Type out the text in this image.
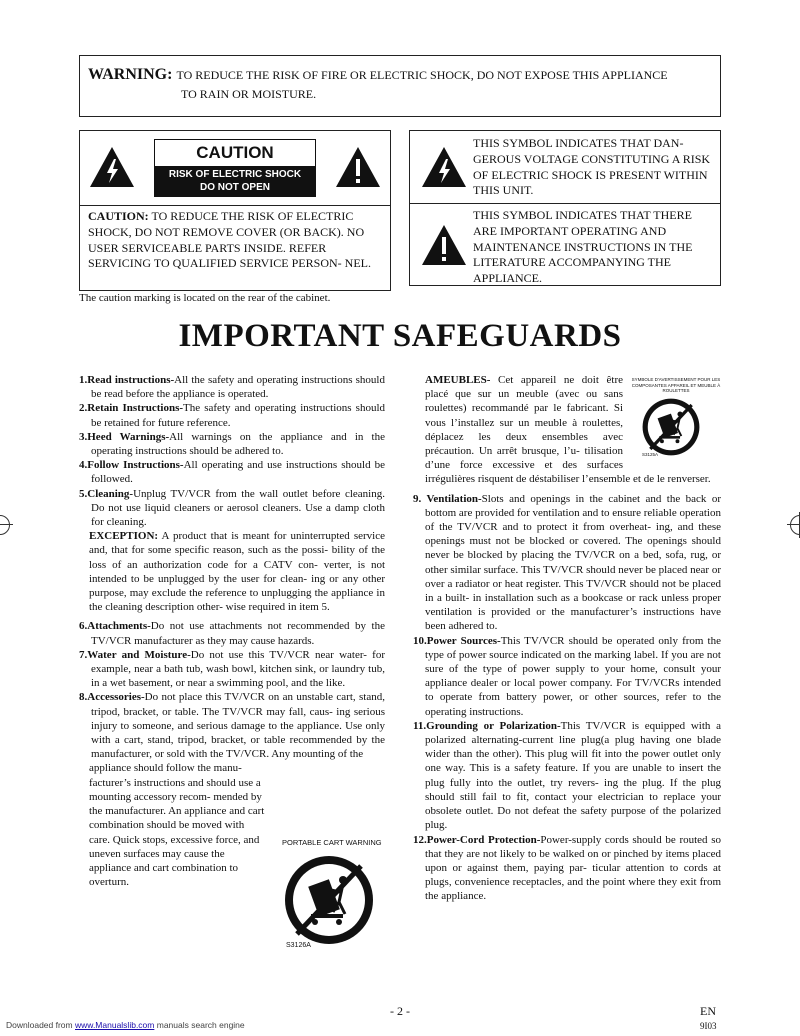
WARNING: TO REDUCE THE RISK OF FIRE OR ELECTRIC SHOCK, DO NOT EXPOSE THIS APPLIANCE
TO RAIN OR MOISTURE.
CAUTION
RISK OF ELECTRIC SHOCK
DO NOT OPEN
CAUTION: TO REDUCE THE RISK OF ELECTRIC SHOCK, DO NOT REMOVE COVER (OR BACK). NO USER SERVICEABLE PARTS INSIDE. REFER SERVICING TO QUALIFIED SERVICE PERSON- NEL.
THIS SYMBOL INDICATES THAT DAN- GEROUS VOLTAGE CONSTITUTING A RISK OF ELECTRIC SHOCK IS PRESENT WITHIN THIS UNIT.
THIS SYMBOL INDICATES THAT THERE ARE IMPORTANT OPERATING AND MAINTENANCE INSTRUCTIONS IN THE LITERATURE ACCOMPANYING THE APPLIANCE.
The caution marking is located on the rear of the cabinet.
IMPORTANT SAFEGUARDS

1.Read instructions-All the safety and operating instructions should be read before the appliance is operated.

2.Retain Instructions-The safety and operating instructions should be retained for future reference.

3.Heed Warnings-All warnings on the appliance and in the operating instructions should be adhered to.

4.Follow Instructions-All operating and use instructions should be followed.

5.Cleaning-Unplug TV/VCR from the wall outlet before cleaning. Do not use liquid cleaners or aerosol cleaners. Use a damp cloth for cleaning.

EXCEPTION: A product that is meant for uninterrupted service and, that for some specific reason, such as the possi- bility of the loss of an authorization code for a CATV con- verter, is not intended to be unplugged by the user for clean- ing or any other purpose, may exclude the reference to unplugging the appliance in the cleaning description other- wise required in item 5.

6.Attachments-Do not use attachments not recommended by the TV/VCR manufacturer as they may cause hazards.

7.Water and Moisture-Do not use this TV/VCR near water- for example, near a bath tub, wash bowl, kitchen sink, or laundry tub, in a wet basement, or near a swimming pool, and the like.

8.Accessories-Do not place this TV/VCR on an unstable cart, stand, tripod, bracket, or table. The TV/VCR may fall, caus- ing serious injury to someone, and serious damage to the appliance. Use only with a cart, stand, tripod, bracket, or table recommended by the manufacturer, or sold with the TV/VCR. Any mounting of the

appliance should follow the manu- facturer’s instructions and should use a mounting accessory recom- mended by the manufacturer. An appliance and cart combination should be moved with care. Quick stops, excessive force, and uneven surfaces may cause the appliance and cart combination to overturn.

PORTABLE CART WARNING
S3126A

AMEUBLES- Cet appareil ne doit être placé que sur un meuble (avec ou sans roulettes) recommandé par le fabricant. Si vous l’installez sur un meuble à roulettes, déplacez les deux ensembles avec précaution. Un arrêt brusque, l’u- tilisation d’une force excessive et des surfaces irrégulières risquent de déstabiliser l’ensemble et de le renverser.

9. Ventilation-Slots and openings in the cabinet and the back or bottom are provided for ventilation and to ensure reliable operation of the TV/VCR and to protect it from overheat- ing, and these openings must not be blocked or covered. The openings should never be blocked by placing the TV/VCR on a bed, sofa, rug, or other similar surface. This TV/VCR should never be placed near or over a radiator or heat register. This TV/VCR should not be placed in a built- in installation such as a bookcase or rack unless proper ventilation is provided or the manufacturer’s instructions have been adhered to.

10.Power Sources-This TV/VCR should be operated only from the type of power source indicated on the marking label. If you are not sure of the type of power supply to your home, consult your appliance dealer or local power company. For TV/VCRs intended to operate from battery power, or other sources, refer to the operating instructions.

11.Grounding or Polarization-This TV/VCR is equipped with a polarized alternating-current line plug(a plug having one blade wider than the other). This plug will fit into the power outlet only one way. This is a safety feature. If you are unable to insert the plug fully into the outlet, try revers- ing the plug. If the plug should still fail to fit, contact your electrician to replace your obsolete outlet. Do not defeat the safety purpose of the polarized plug.

12.Power-Cord Protection-Power-supply cords should be routed so that they are not likely to be walked on or pinched by items placed upon or against them, paying par- ticular attention to cords at plugs, convenience receptacles, and the point where they exit from the appliance.

SYMBOLE D'AVERTISSEMENT POUR LES COMPOSANTES APPAREIL ET MEUBLE À ROULETTES
S3125A
- 2 -	EN
9I03
Downloaded from www.Manualslib.com manuals search engine
